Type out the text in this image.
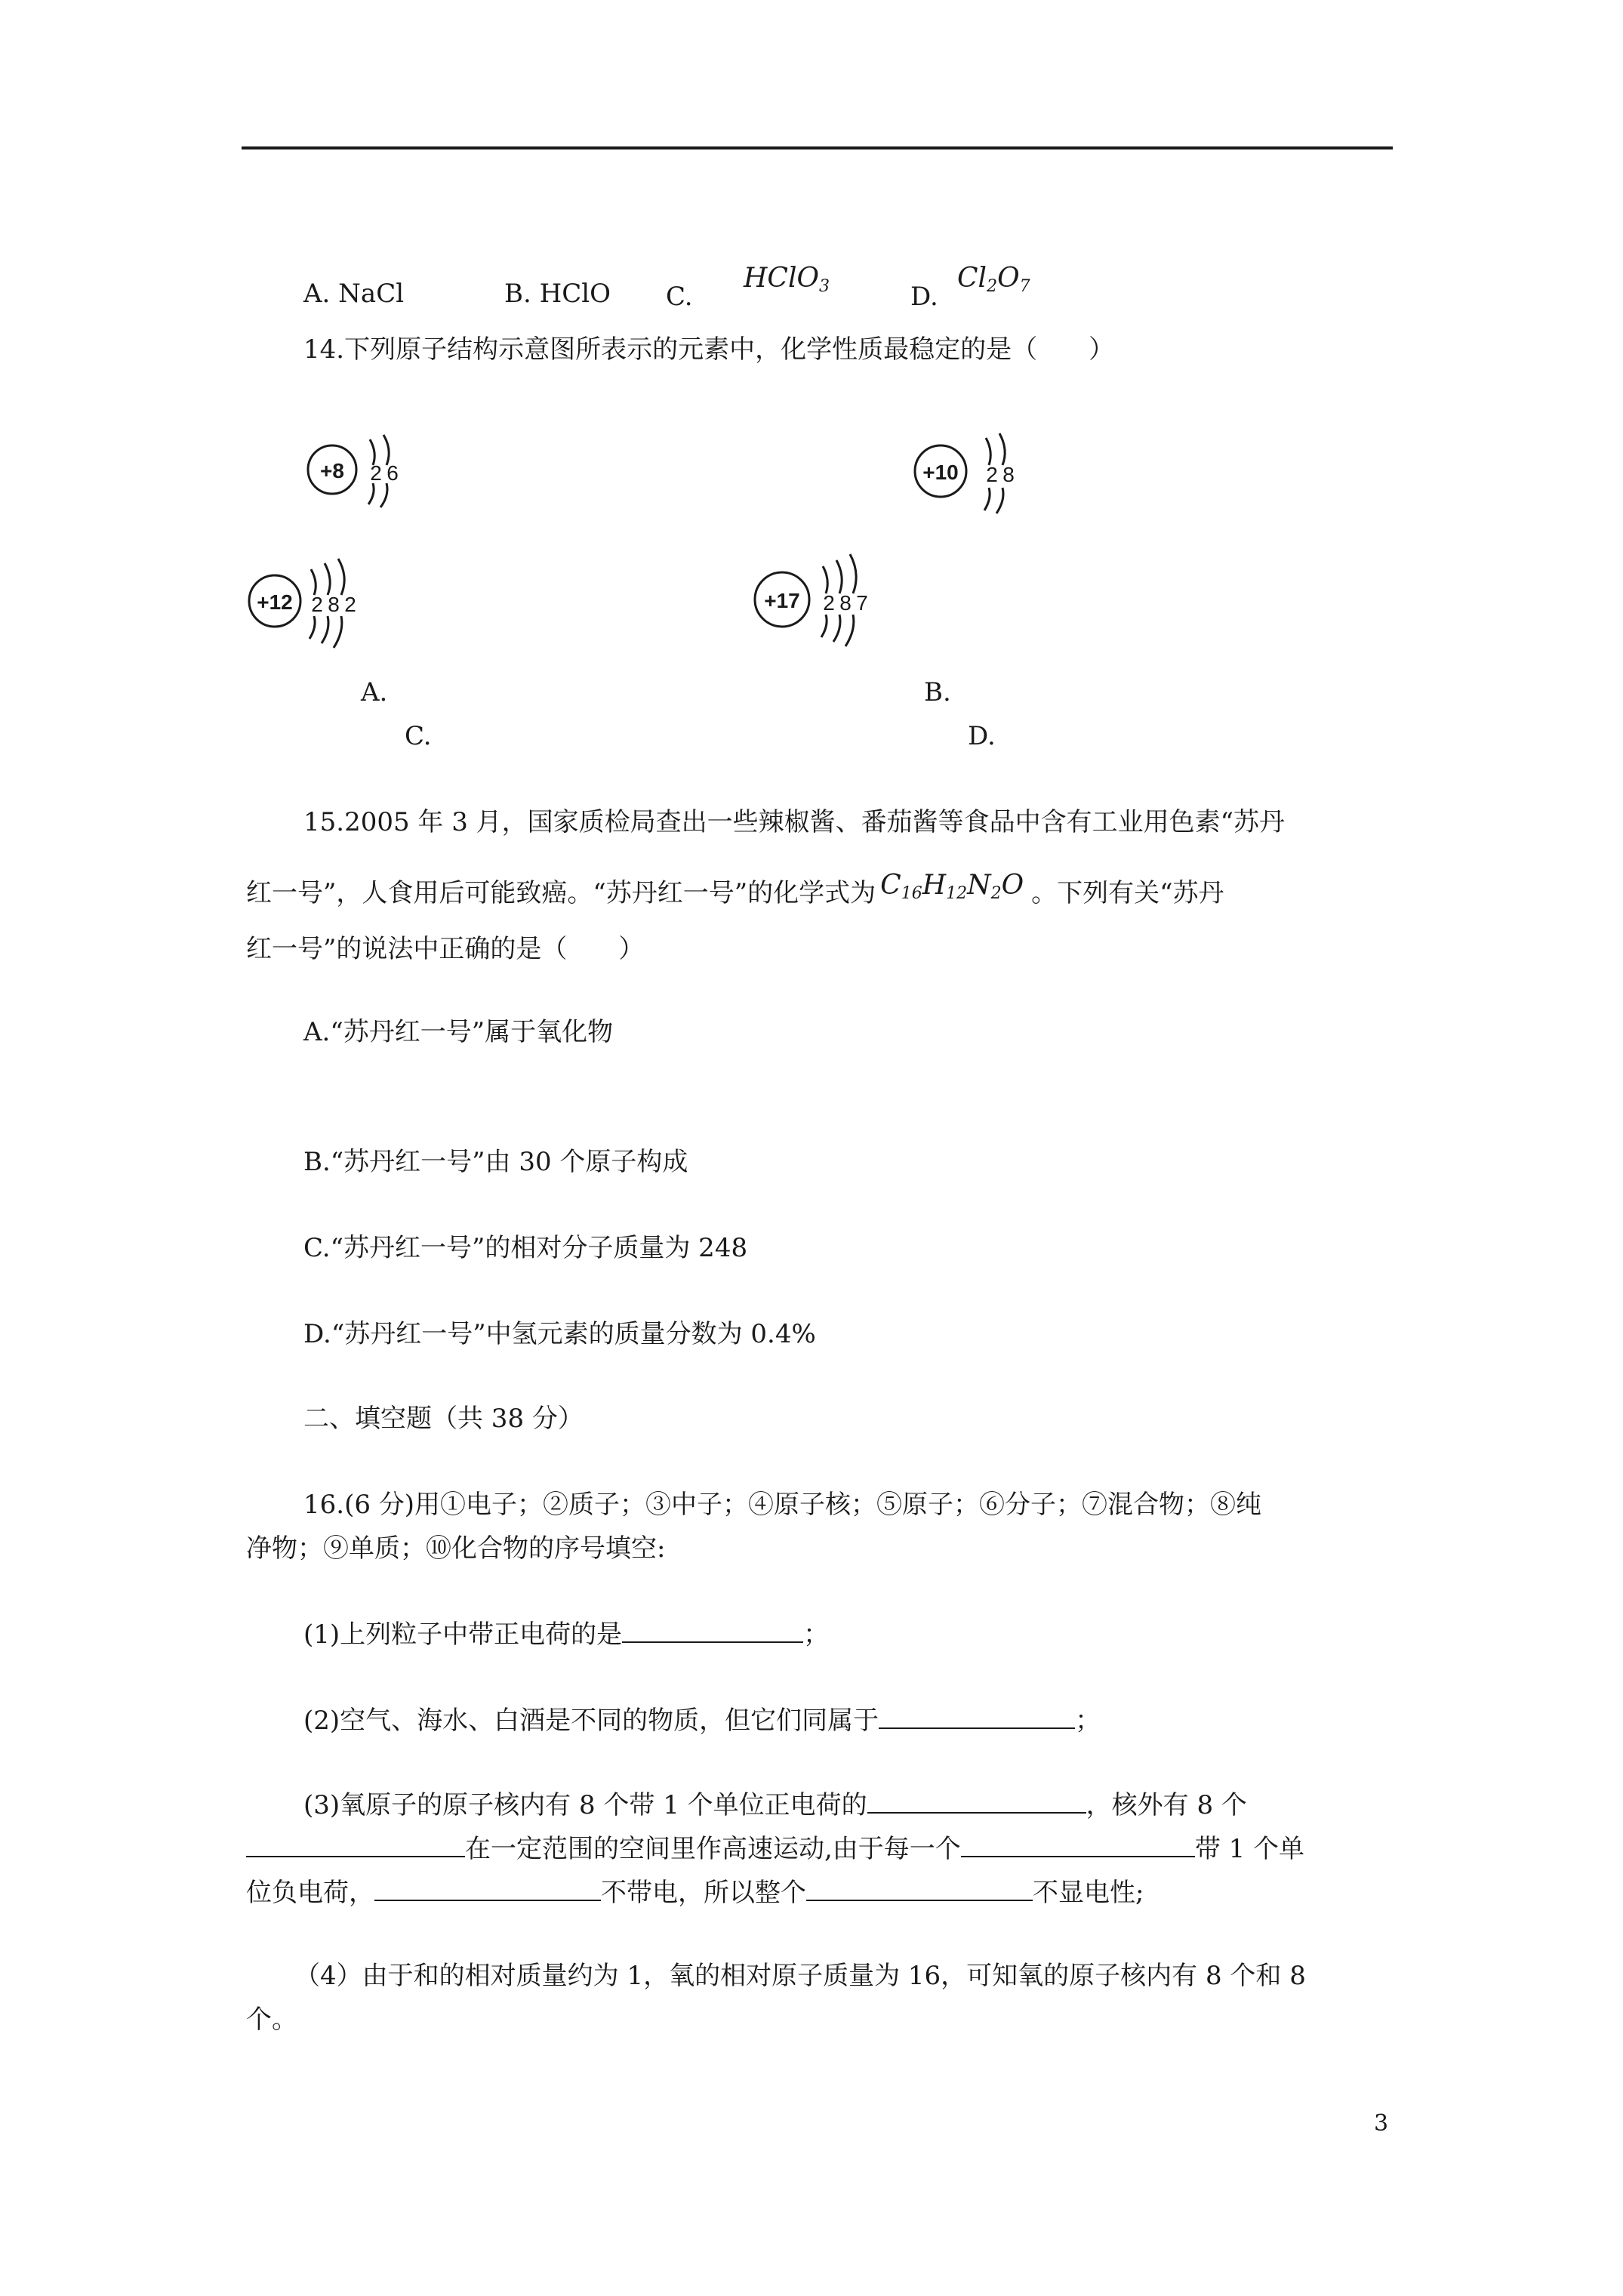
A. NaCl	B. HClO C.
HClO$_3$	D.
$Cl_2O_7$
14.下列原子结构示意图所表示的元素中，化学性质最稳定的是（　　）
+8 2 6	+10 2 8
+12 2 8 2	+17 2 8 7
A.	B.
C.	D.
15.2005 年 3 月，国家质检局查出一些辣椒酱、番茄酱等食品中含有工业用色素“苏丹
红一号”，人食用后可能致癌。“苏丹红一号”的化学式为 $C_{16}H_{12}N_2O$ 。下列有关“苏丹
红一号”的说法中正确的是（　　）
A.“苏丹红一号”属于氧化物
B.“苏丹红一号”由 30 个原子构成
C.“苏丹红一号”的相对分子质量为 248
D.“苏丹红一号”中氢元素的质量分数为 0.4%
二、填空题（共 38 分）
16.(6 分)用①电子；②质子；③中子；④原子核；⑤原子；⑥分子；⑦混合物；⑧纯
净物；⑨单质；⑩化合物的序号填空:
(1)上列粒子中带正电荷的是	；
(2)空气、海水、白酒是不同的物质，但它们同属于	；
(3)氧原子的原子核内有 8 个带 1 个单位正电荷的	，核外有 8 个
在一定范围的空间里作高速运动,由于每一个	带 1 个单
位负电荷，	不带电，所以整个	不显电性;
（4）由于和的相对质量约为 1，氧的相对原子质量为 16，可知氧的原子核内有 8 个和 8
个。
3
